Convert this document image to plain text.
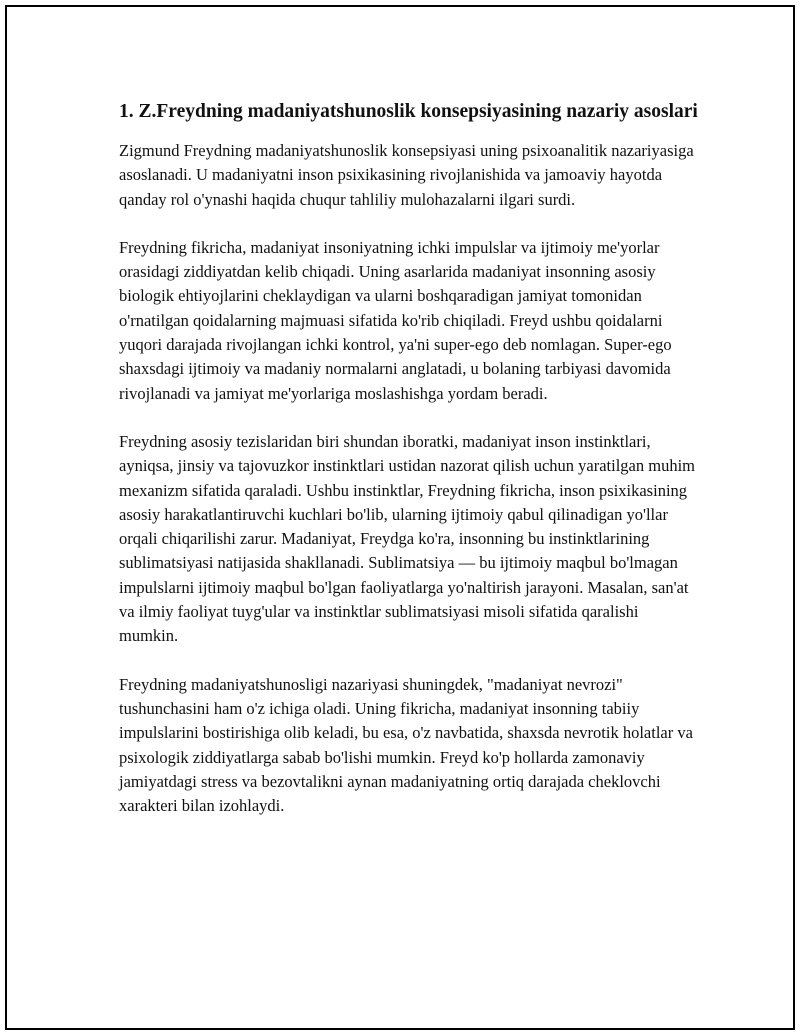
1. Z.Freydning madaniyatshunoslik konsepsiyasining nazariy asoslari

Zigmund Freydning madaniyatshunoslik konsepsiyasi uning psixoanalitik nazariyasiga asoslanadi. U madaniyatni inson psixikasining rivojlanishida va jamoaviy hayotda qanday rol o'ynashi haqida chuqur tahliliy mulohazalarni ilgari surdi.

Freydning fikricha, madaniyat insoniyatning ichki impulslar va ijtimoiy me'yorlar orasidagi ziddiyatdan kelib chiqadi. Uning asarlarida madaniyat insonning asosiy biologik ehtiyojlarini cheklaydigan va ularni boshqaradigan jamiyat tomonidan o'rnatilgan qoidalarning majmuasi sifatida ko'rib chiqiladi. Freyd ushbu qoidalarni yuqori darajada rivojlangan ichki kontrol, ya'ni super-ego deb nomlagan. Super-ego shaxsdagi ijtimoiy va madaniy normalarni anglatadi, u bolaning tarbiyasi davomida rivojlanadi va jamiyat me'yorlariga moslashishga yordam beradi.

Freydning asosiy tezislaridan biri shundan iboratki, madaniyat inson instinktlari, ayniqsa, jinsiy va tajovuzkor instinktlari ustidan nazorat qilish uchun yaratilgan muhim mexanizm sifatida qaraladi. Ushbu instinktlar, Freydning fikricha, inson psixikasining asosiy harakatlantiruvchi kuchlari bo'lib, ularning ijtimoiy qabul qilinadigan yo'llar orqali chiqarilishi zarur. Madaniyat, Freydga ko'ra, insonning bu instinktlarining sublimatsiyasi natijasida shakllanadi. Sublimatsiya — bu ijtimoiy maqbul bo'lmagan impulslarni ijtimoiy maqbul bo'lgan faoliyatlarga yo'naltirish jarayoni. Masalan, san'at va ilmiy faoliyat tuyg'ular va instinktlar sublimatsiyasi misoli sifatida qaralishi mumkin.

Freydning madaniyatshunosligi nazariyasi shuningdek, "madaniyat nevrozi" tushunchasini ham o'z ichiga oladi. Uning fikricha, madaniyat insonning tabiiy impulslarini bostirishiga olib keladi, bu esa, o'z navbatida, shaxsda nevrotik holatlar va psixologik ziddiyatlarga sabab bo'lishi mumkin. Freyd ko'p hollarda zamonaviy jamiyatdagi stress va bezovtalikni aynan madaniyatning ortiq darajada cheklovchi xarakteri bilan izohlaydi.
